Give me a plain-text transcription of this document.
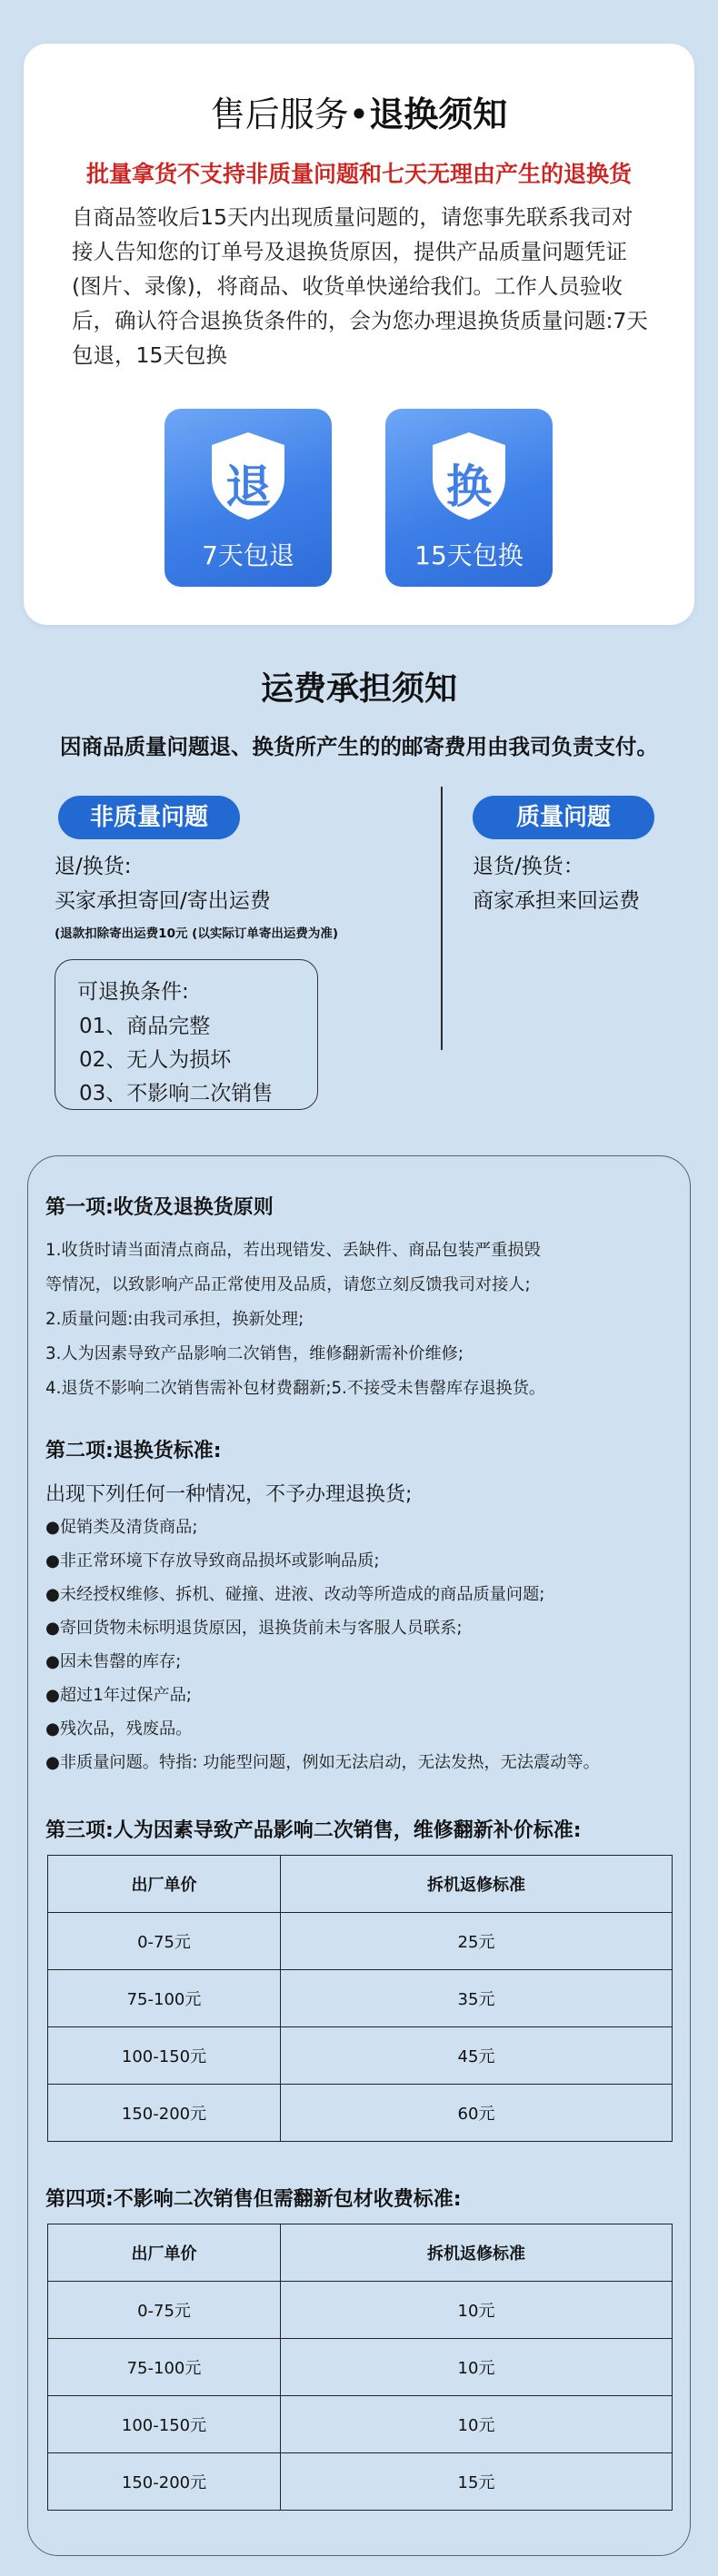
售后服务•退换须知
批量拿货不支持非质量问题和七天无理由产生的退换货
自商品签收后15天内出现质量问题的，请您事先联系我司对接人告知您的订单号及退换货原因，提供产品质量问题凭证(图片、录像)，将商品、收货单快递给我们。工作人员验收后，确认符合退换货条件的，会为您办理退换货质量问题:7天包退，15天包换
退
7天包退
换
15天包换
运费承担须知
因商品质量问题退、换货所产生的的邮寄费用由我司负责支付。
非质量问题
退/换货:
买家承担寄回/寄出运费
(退款扣除寄出运费10元 (以实际订单寄出运费为准)
质量问题
退货/换货：
商家承担来回运费
可退换条件:
01、商品完整
02、无人为损坏
03、不影响二次销售
第一项:收货及退换货原则
1.收货时请当面清点商品，若出现错发、丢缺件、商品包装严重损毁
等情况，以致影响产品正常使用及品质，请您立刻反馈我司对接人;
2.质量问题:由我司承担，换新处理;
3.人为因素导致产品影响二次销售，维修翻新需补价维修;
4.退货不影响二次销售需补包材费翻新;5.不接受未售罄库存退换货。
第二项:退换货标准:
出现下列任何一种情况，不予办理退换货;
●促销类及清货商品;
●非正常环境下存放导致商品损坏或影响品质;
●未经授权维修、拆机、碰撞、进液、改动等所造成的商品质量问题;
●寄回货物未标明退货原因，退换货前未与客服人员联系;
●因未售罄的库存;
●超过1年过保产品;
●残次品，残废品。
●非质量问题。特指: 功能型问题，例如无法启动，无法发热，无法震动等。
第三项:人为因素导致产品影响二次销售，维修翻新补价标准:
出厂单价	拆机返修标准
0-75元	25元
75-100元	35元
100-150元	45元
150-200元	60元
第四项:不影响二次销售但需翻新包材收费标准:
出厂单价	拆机返修标准
0-75元	10元
75-100元	10元
100-150元	10元
150-200元	15元
